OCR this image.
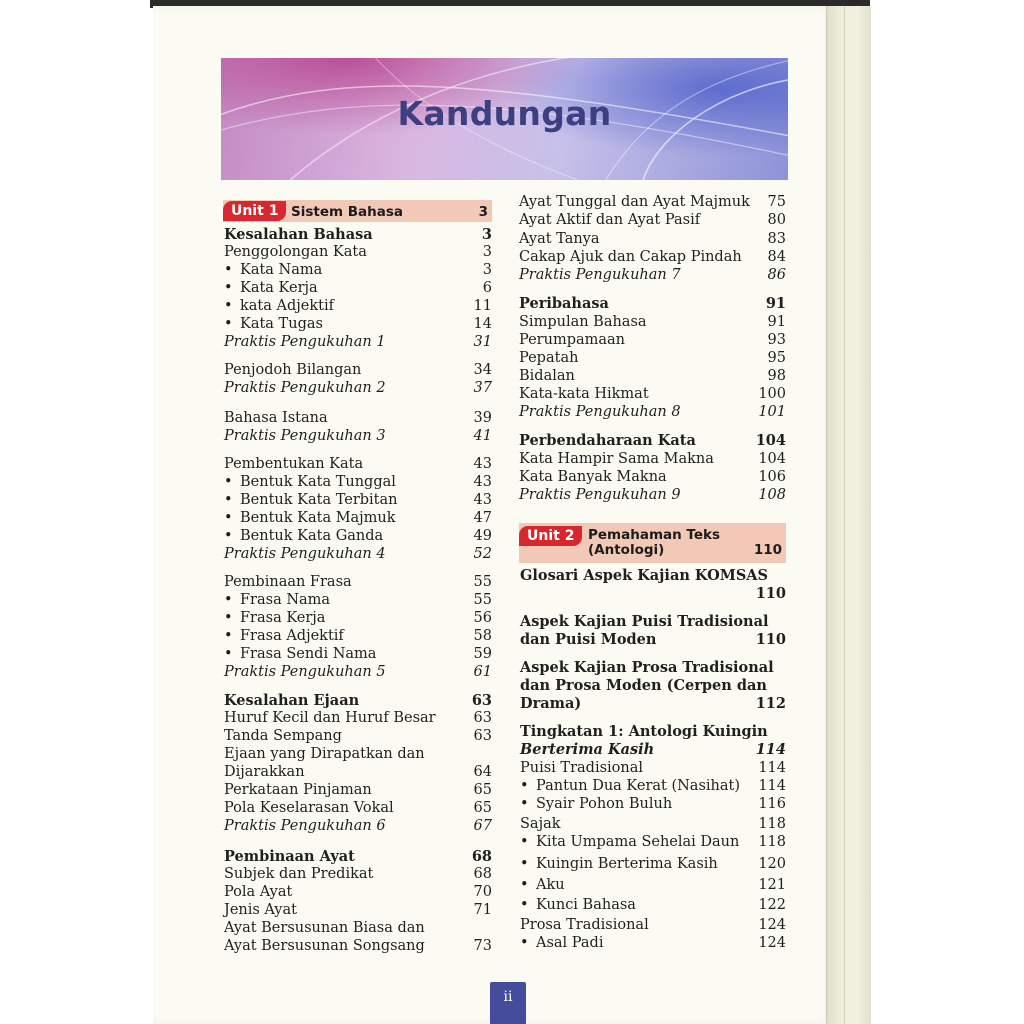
Kandungan
Unit 1 Sistem Bahasa	3
Kesalahan Bahasa	3
Penggolongan Kata	3
• Kata Nama	3
• Kata Kerja	6
• kata Adjektif	11
• Kata Tugas	14
Praktis Pengukuhan 1	31
Penjodoh Bilangan	34
Praktis Pengukuhan 2	37
Bahasa Istana	39
Praktis Pengukuhan 3	41
Pembentukan Kata	43
• Bentuk Kata Tunggal	43
• Bentuk Kata Terbitan	43
• Bentuk Kata Majmuk	47
• Bentuk Kata Ganda	49
Praktis Pengukuhan 4	52
Pembinaan Frasa	55
• Frasa Nama	55
• Frasa Kerja	56
• Frasa Adjektif	58
• Frasa Sendi Nama	59
Praktis Pengukuhan 5	61
Kesalahan Ejaan	63
Huruf Kecil dan Huruf Besar	63
Tanda Sempang	63
Ejaan yang Dirapatkan dan
Dijarakkan	64
Perkataan Pinjaman	65
Pola Keselarasan Vokal	65
Praktis Pengukuhan 6	67
Pembinaan Ayat	68
Subjek dan Predikat	68
Pola Ayat	70
Jenis Ayat	71
Ayat Bersusunan Biasa dan
Ayat Bersusunan Songsang	73
Ayat Tunggal dan Ayat Majmuk 75
Ayat Aktif dan Ayat Pasif	80
Ayat Tanya	83
Cakap Ajuk dan Cakap Pindah 84
Praktis Pengukuhan 7	86
Peribahasa	91
Simpulan Bahasa	91
Perumpamaan	93
Pepatah	95
Bidalan	98
Kata-kata Hikmat	100
Praktis Pengukuhan 8	101
Perbendaharaan Kata	104
Kata Hampir Sama Makna	104
Kata Banyak Makna	106
Praktis Pengukuhan 9	108
Unit 2	Pemahaman Teks
(Antologi)	110
Glosari Aspek Kajian KOMSAS
110
Aspek Kajian Puisi Tradisional
dan Puisi Moden	110
Aspek Kajian Prosa Tradisional
dan Prosa Moden (Cerpen dan
Drama)	112
Tingkatan 1: Antologi Kuingin
Berterima Kasih	114
Puisi Tradisional	114
• Pantun Dua Kerat (Nasihat) 114
• Syair Pohon Buluh	116
Sajak	118
• Kita Umpama Sehelai Daun 118
• Kuingin Berterima Kasih	120
• Aku	121
• Kunci Bahasa	122
Prosa Tradisional	124
• Asal Padi	124
ii
